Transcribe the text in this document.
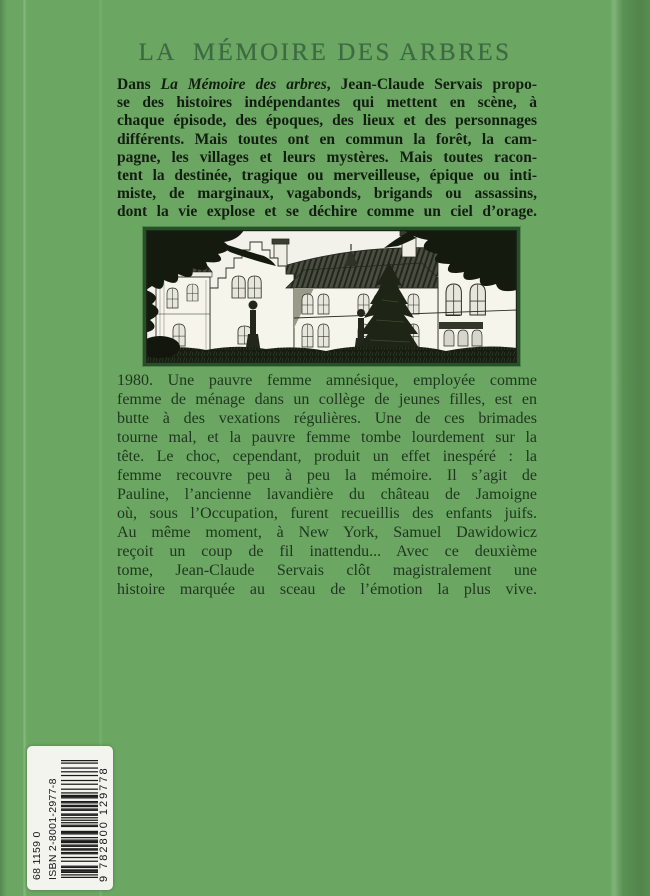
LA  MÉMOIRE DES ARBRES
Dans La Mémoire des arbres, Jean-Claude Servais propo-
se des histoires indépendantes qui mettent en scène, à
chaque épisode, des époques, des lieux et des personnages
différents. Mais toutes ont en commun la forêt, la cam-
pagne, les villages et leurs mystères. Mais toutes racon-
tent la destinée, tragique ou merveilleuse, épique ou inti-
miste, de marginaux, vagabonds, brigands ou assassins,
dont la vie explose et se déchire comme un ciel d’orage.
1980. Une pauvre femme amnésique, employée comme
femme de ménage dans un collège de jeunes filles, est en
butte à des vexations régulières. Une de ces brimades
tourne mal, et la pauvre femme tombe lourdement sur la
tête. Le choc, cependant, produit un effet inespéré : la
femme recouvre peu à peu la mémoire. Il s’agit de
Pauline, l’ancienne lavandière du château de Jamoigne
où, sous l’Occupation, furent recueillis des enfants juifs.
Au même moment, à New York, Samuel Dawidowicz
reçoit un coup de fil inattendu... Avec ce deuxième
tome, Jean-Claude Servais clôt magistralement une
histoire marquée au sceau de l’émotion la plus vive.
68 1159 0 ISBN 2-8001-2977-8	9 782800 129778
